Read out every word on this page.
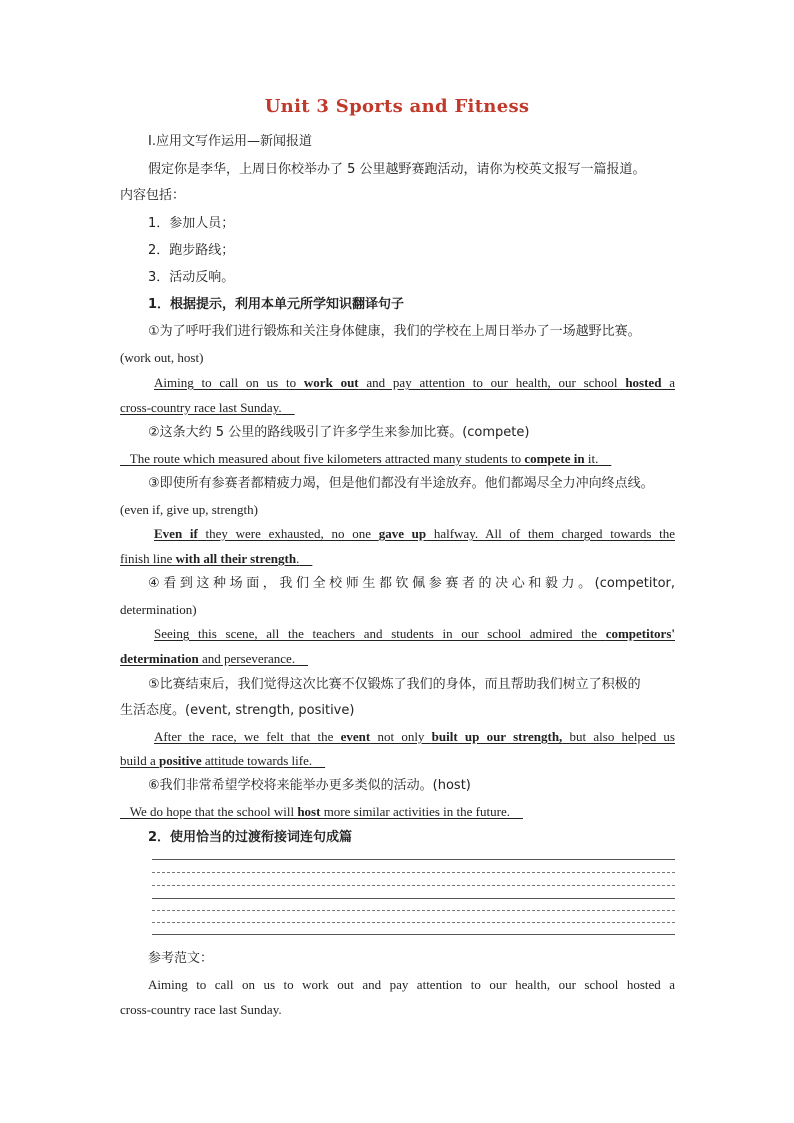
Unit 3 Sports and Fitness
Ⅰ.应用文写作运用—新闻报道
假定你是李华，上周日你校举办了 5 公里越野赛跑活动，请你为校英文报写一篇报道。
内容包括：
1．参加人员；
2．跑步路线；
3．活动反响。
1．根据提示，利用本单元所学知识翻译句子
①为了呼吁我们进行锻炼和关注身体健康，我们的学校在上周日举办了一场越野比赛。
(work out, host)
Aiming to call on us to work out and pay attention to our health, our school hosted a
cross-country race last Sunday.
②这条大约 5 公里的路线吸引了许多学生来参加比赛。(compete)
The route which measured about five kilometers attracted many students to compete in it.
③即使所有参赛者都精疲力竭，但是他们都没有半途放弃。他们都竭尽全力冲向终点线。
(even if, give up, strength)
Even if they were exhausted, no one gave up halfway. All of them charged towards the
finish line with all their strength.
④看到这种场面，我们全校师生都钦佩参赛者的决心和毅力。(competitor,
determination)
Seeing this scene, all the teachers and students in our school admired the competitors'
determination and perseverance.
⑤比赛结束后，我们觉得这次比赛不仅锻炼了我们的身体，而且帮助我们树立了积极的
生活态度。(event, strength, positive)
After the race, we felt that the event not only built up our strength, but also helped us
build a positive attitude towards life.
⑥我们非常希望学校将来能举办更多类似的活动。(host)
We do hope that the school will host more similar activities in the future.
2．使用恰当的过渡衔接词连句成篇
参考范文：
Aiming to call on us to work out and pay attention to our health, our school hosted a
cross-country race last Sunday.
